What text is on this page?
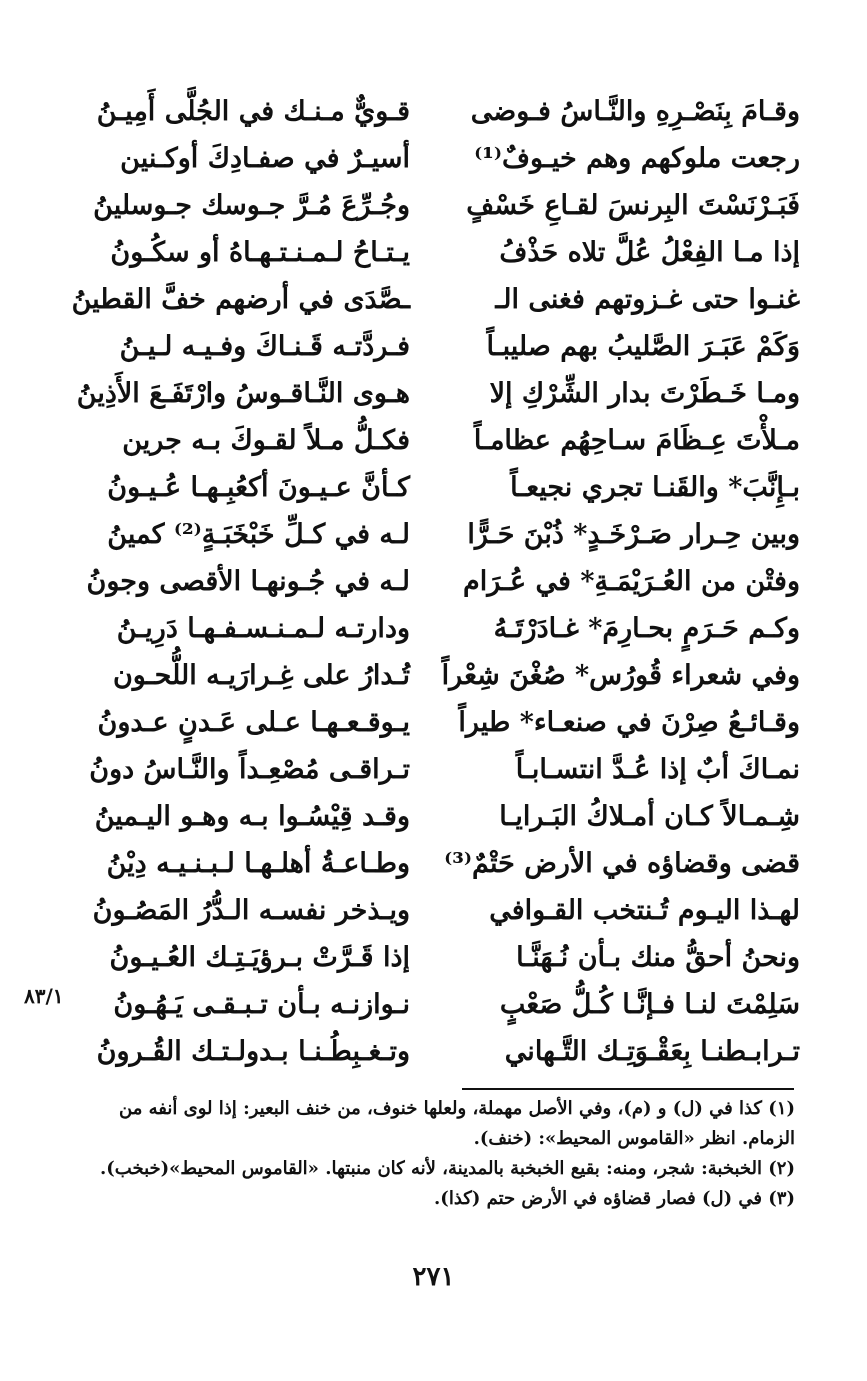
وقـامَ بِنَصْـرِهِ والنَّـاسُ فـوضى
قـويٌّ مـنـك في الجُلَّى أَمِيـنُ
رجعت ملوكهم وهم خيـوفٌ⁽¹⁾
أسيـرٌ في صفـادِكَ أوكـنين
فَبَـرْنَسْتَ البِرنسَ لقـاعِ خَسْفٍ
وجُـرِّعَ مُـرَّ جـوسك جـوسلينُ
إذا مـا الفِعْلُ عُلَّ تلاه حَذْفُ
يـتـاحُ لـمـنـتـهـاهُ أو سكُـونُ
غنـوا حتى غـزوتهم فغنى الـ
ـصَّدَى في أرضهم خفَّ القطينُ
وَكَمْ عَبَـرَ الصَّليبُ بهم صليبـاً
فـردَّتـه قَـنـاكَ وفـيـه لـيـنُ
ومـا خَـطَرْتَ بدار الشِّرْكِ إلا
هـوى النَّـاقـوسُ وارْتَفَـعَ الأَذِينُ
مـلأْتَ عِـظَامَ سـاحِهُم عظامـاً
فكـلُّ مـلاً لقـوكَ بـه جرين
بـإِنَّبَ* والقَنـا تجري نجيعـاً
كـأنَّ عـيـونَ أكعُبِـهـا عُـيـونُ
وبين حِـرار صَـرْخَـدٍ* ذُبْنَ حَـرًّا
لـه في كـلِّ خَبْخَبَـةٍ⁽²⁾ كمينُ
وفتْن من العُـرَيْمَـةِ* في عُـرَام
لـه في جُـونهـا الأقصى وجونُ
وكـم حَـرَمٍ بحـارِمَ* غـادَرْتَـهُ
ودارتـه لـمـنـسـفـهـا دَرِيـنُ
وفي شعراء قُورُس* صُغْنَ شِعْراً
تُـدارُ على غِـرارَيـه اللُّحـون
وقـائـعُ صِرْنَ في صنعـاء* طيراً
يـوقـعـهـا عـلى عَـدنٍ عـدونُ
نمـاكَ أبٌ إذا عُـدَّ انتسـابـاً
تـراقـى مُصْعِـداً والنَّـاسُ دونُ
شِـمـالاً كـان أمـلاكُ البَـرايـا
وقـد قِيْسُـوا بـه وهـو اليـمينُ
قضى وقضاؤه في الأرض حَتْمٌ⁽³⁾
وطـاعـةُ أهلـهـا لـبـنـيـه دِيْنُ
لهـذا اليـوم تُـنتخب القـوافي
ويـذخر نفسـه الـدُّرُ المَصُـونُ
ونحنُ أحقُّ منك بـأن نُـهَنَّـا
إذا قَـرَّتْ بـرؤيَـتِـك العُـيـونُ
سَلِمْتَ لنـا فـإنَّـا كُـلُّ صَعْبٍ
نـوازنـه بـأن تـبـقـى يَـهُـونُ
تـرابـطنـا بِعَقْـوَتِـك التَّـهاني
وتـغـبِطُـنـا بـدولـتـك القُـرونُ
٨٣/١

(١) كذا في (ل) و (م)، وفي الأصل مهملة، ولعلها خنوف، من خنف البعير: إذا لوى أنفه من الزمام. انظر «القاموس المحيط»: (خنف).

(٢) الخبخبة: شجر، ومنه: بقيع الخبخبة بالمدينة، لأنه كان منبتها. «القاموس المحيط»(خبخب).

(٣) في (ل) فصار قضاؤه في الأرض حتم (كذا).

٢٧١
